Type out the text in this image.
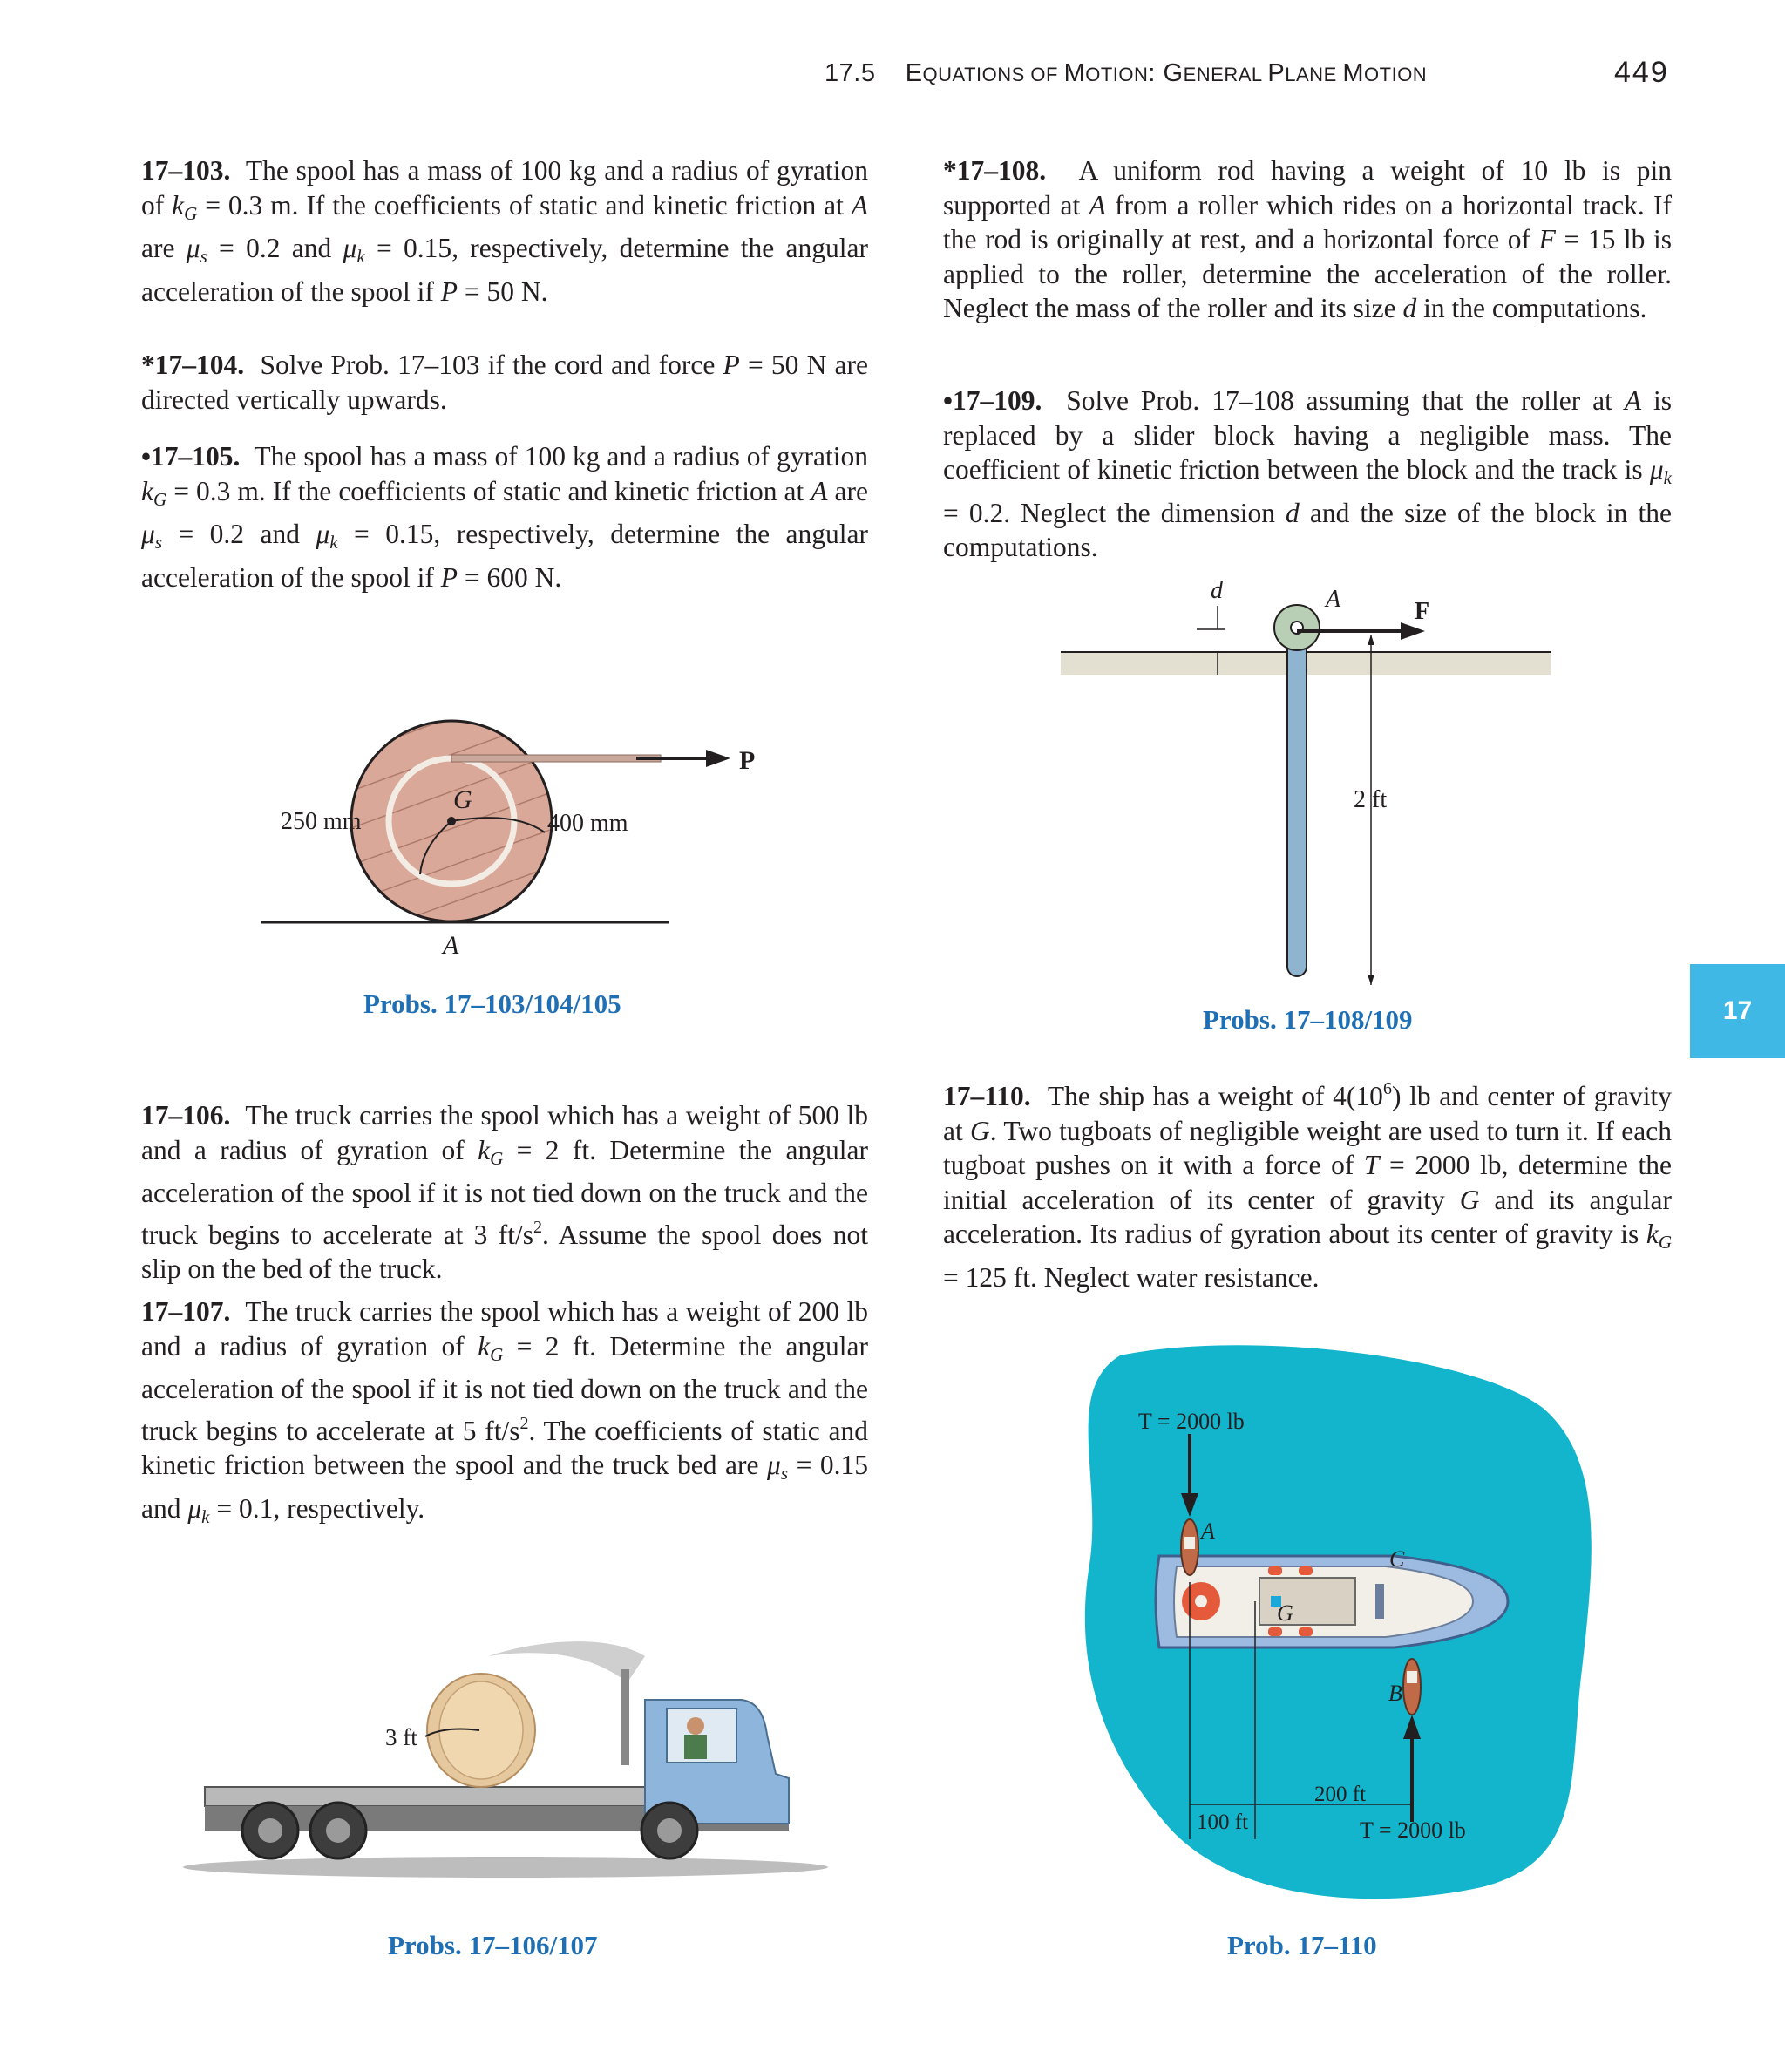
17.5 EQUATIONS OF MOTION: GENERAL PLANE MOTION	449

17–103. The spool has a mass of 100 kg and a radius of gyration of $k_G = 0.3$ m. If the coefficients of static and kinetic friction at A are $\mu_s = 0.2$ and $\mu_k = 0.15$, respectively, determine the angular acceleration of the spool if P = 50 N.

*17–104. Solve Prob. 17–103 if the cord and force P = 50 N are directed vertically upwards.

•17–105. The spool has a mass of 100 kg and a radius of gyration $k_G = 0.3$ m. If the coefficients of static and kinetic friction at A are $\mu_s = 0.2$ and $\mu_k = 0.15$, respectively, determine the angular acceleration of the spool if P = 600 N.

17–106. The truck carries the spool which has a weight of 500 lb and a radius of gyration of $k_G = 2$ ft. Determine the angular acceleration of the spool if it is not tied down on the truck and the truck begins to accelerate at 3 $ft/s^2$. Assume the spool does not slip on the bed of the truck.

17–107. The truck carries the spool which has a weight of 200 lb and a radius of gyration of $k_G = 2$ ft. Determine the angular acceleration of the spool if it is not tied down on the truck and the truck begins to accelerate at 5 $ft/s^2$. The coefficients of static and kinetic friction between the spool and the truck bed are $\mu_s = 0.15$ and $\mu_k = 0.1$, respectively.

*17–108. A uniform rod having a weight of 10 lb is pin supported at A from a roller which rides on a horizontal track. If the rod is originally at rest, and a horizontal force of F = 15 lb is applied to the roller, determine the acceleration of the roller. Neglect the mass of the roller and its size d in the computations.

•17–109. Solve Prob. 17–108 assuming that the roller at A is replaced by a slider block having a negligible mass. The coefficient of kinetic friction between the block and the track is $\mu_k = 0.2$. Neglect the dimension d and the size of the block in the computations.

17–110. The ship has a weight of $4(10^6)$ lb and center of gravity at G. Two tugboats of negligible weight are used to turn it. If each tugboat pushes on it with a force of T = 2000 lb, determine the initial acceleration of its center of gravity G and its angular acceleration. Its radius of gyration about its center of gravity is $k_G = 125$ ft. Neglect water resistance.

P
G
250 mm	400 mm
A
Probs. 17–103/104/105
d	A	F
2 ft
Probs. 17–108/109	17
3 ft
Probs. 17–106/107
T = 2000 lb
A
C
G
B
200 ft
100 ft	T = 2000 lb
Prob. 17–110
